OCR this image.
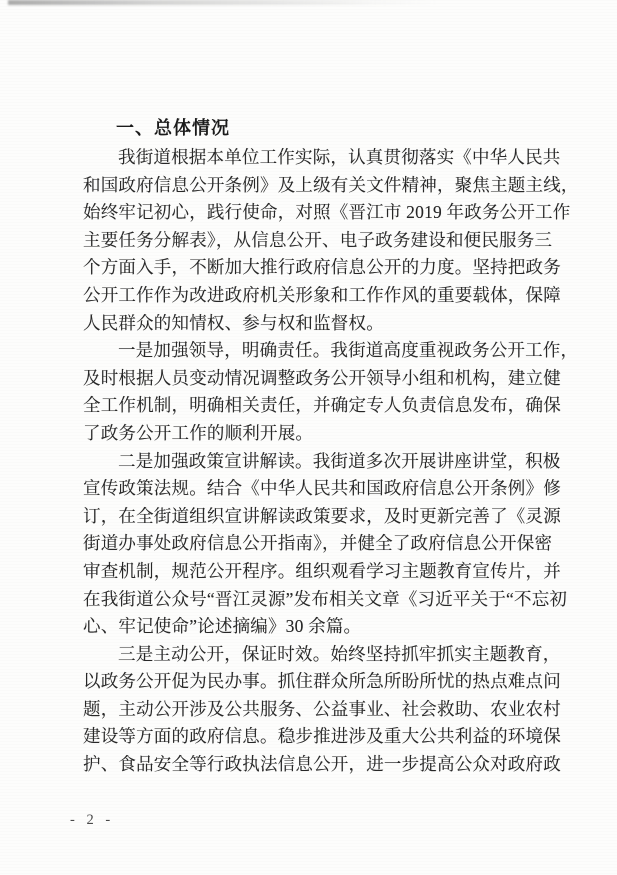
一、总体情况
我街道根据本单位工作实际，认真贯彻落实《中华人民共
和国政府信息公开条例》及上级有关文件精神，聚焦主题主线，
始终牢记初心，践行使命，对照《晋江市 2019 年政务公开工作
主要任务分解表》，从信息公开、电子政务建设和便民服务三
个方面入手，不断加大推行政府信息公开的力度。坚持把政务
公开工作作为改进政府机关形象和工作作风的重要载体，保障
人民群众的知情权、参与权和监督权。
一是加强领导，明确责任。我街道高度重视政务公开工作，
及时根据人员变动情况调整政务公开领导小组和机构，建立健
全工作机制，明确相关责任，并确定专人负责信息发布，确保
了政务公开工作的顺利开展。
二是加强政策宣讲解读。我街道多次开展讲座讲堂，积极
宣传政策法规。结合《中华人民共和国政府信息公开条例》修
订，在全街道组织宣讲解读政策要求，及时更新完善了《灵源
街道办事处政府信息公开指南》，并健全了政府信息公开保密
审查机制，规范公开程序。组织观看学习主题教育宣传片，并
在我街道公众号“晋江灵源”发布相关文章《习近平关于“不忘初
心、牢记使命”论述摘编》30 余篇。
三是主动公开，保证时效。始终坚持抓牢抓实主题教育，
以政务公开促为民办事。抓住群众所急所盼所忧的热点难点问
题，主动公开涉及公共服务、公益事业、社会救助、农业农村
建设等方面的政府信息。稳步推进涉及重大公共利益的环境保
护、食品安全等行政执法信息公开，进一步提高公众对政府政
- 2 -
